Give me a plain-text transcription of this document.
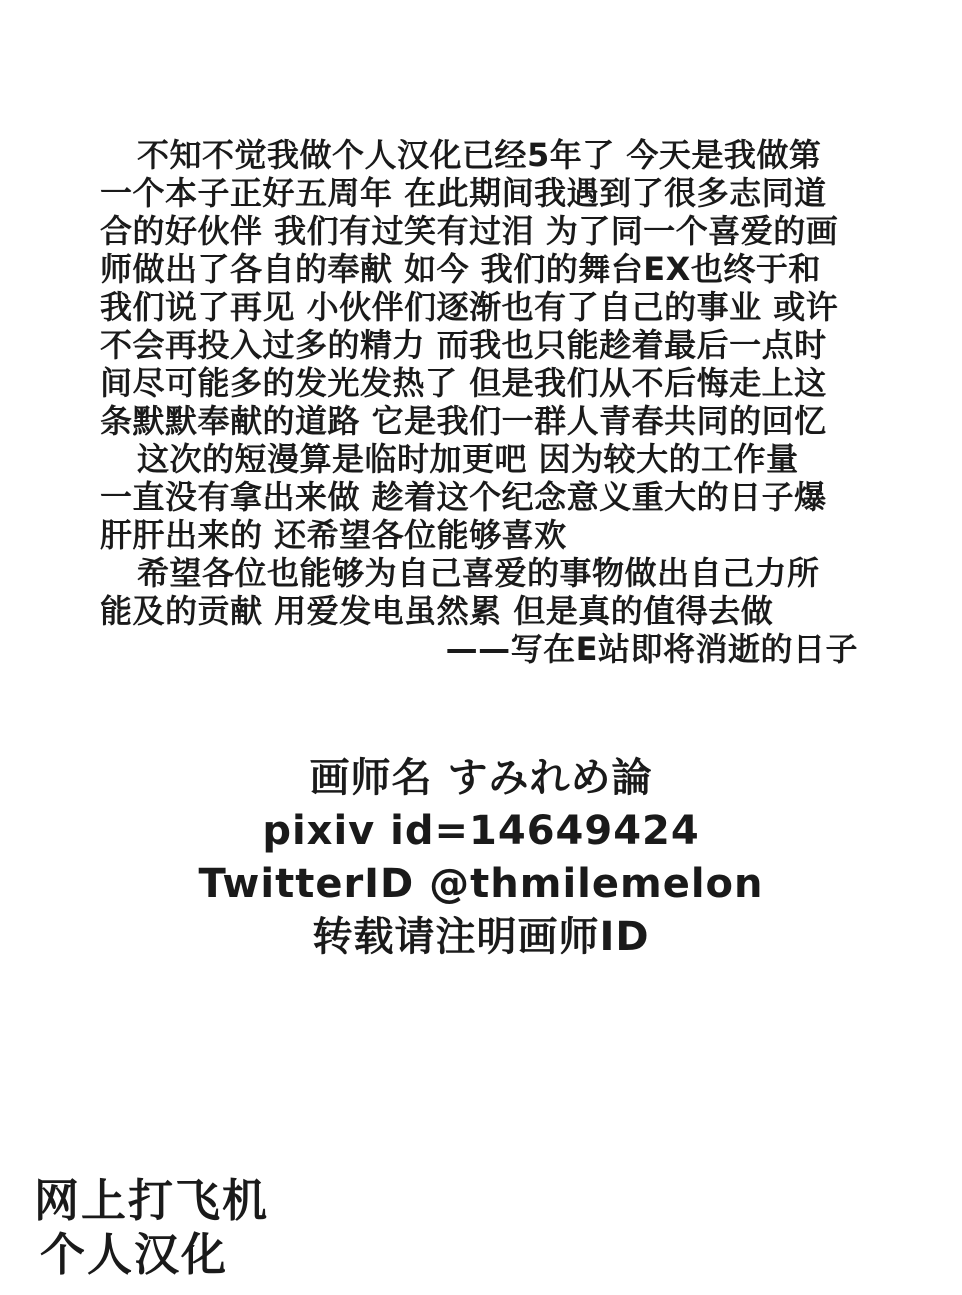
不知不觉我做个人汉化已经5年了 今天是我做第
一个本子正好五周年 在此期间我遇到了很多志同道
合的好伙伴 我们有过笑有过泪 为了同一个喜爱的画
师做出了各自的奉献 如今 我们的舞台EX也终于和
我们说了再见 小伙伴们逐渐也有了自己的事业 或许
不会再投入过多的精力 而我也只能趁着最后一点时
间尽可能多的发光发热了 但是我们从不后悔走上这
条默默奉献的道路 它是我们一群人青春共同的回忆
这次的短漫算是临时加更吧 因为较大的工作量
一直没有拿出来做 趁着这个纪念意义重大的日子爆
肝肝出来的 还希望各位能够喜欢
希望各位也能够为自己喜爱的事物做出自己力所
能及的贡献 用爱发电虽然累 但是真的值得去做
——写在E站即将消逝的日子
画师名 すみれめ論
pixiv id=14649424
TwitterID @thmilemelon
转载请注明画师ID
网上打飞机
个人汉化
